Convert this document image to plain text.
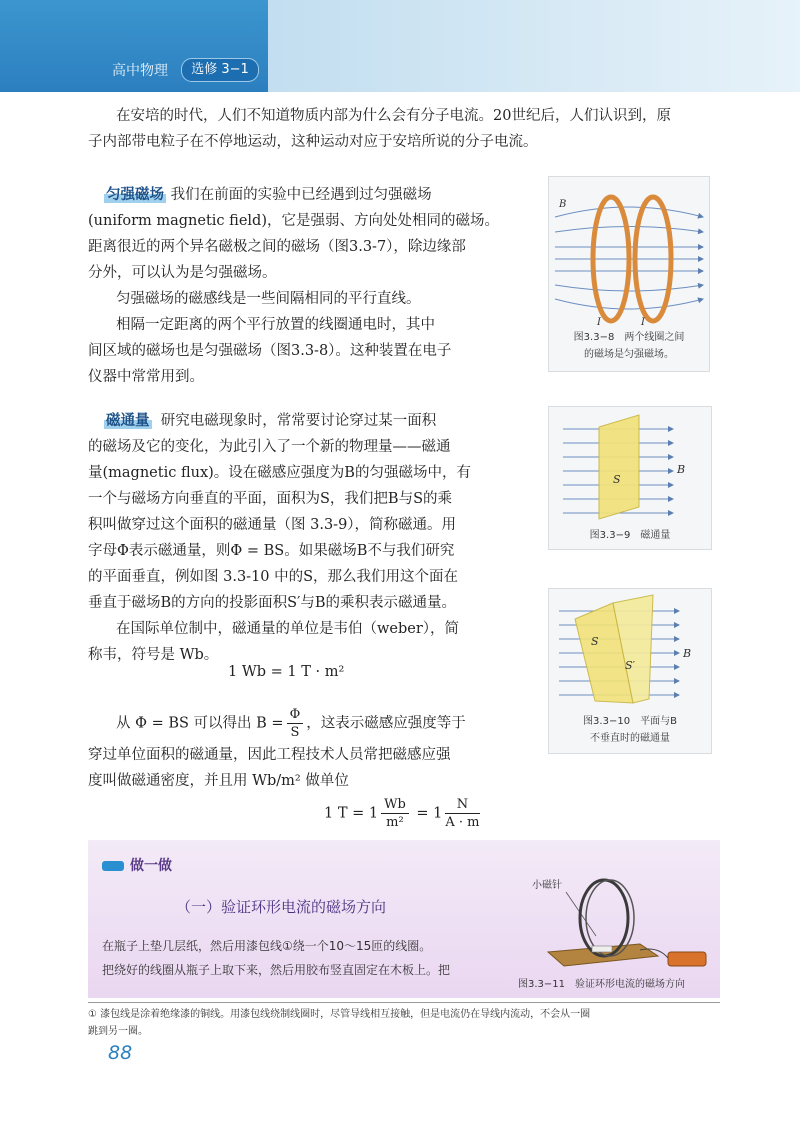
高中物理	选修 3−1

在安培的时代，人们不知道物质内部为什么会有分子电流。20世纪后，人们认识到，原

子内部带电粒子在不停地运动，这种运动对应于安培所说的分子电流。

匀强磁场 我们在前面的实验中已经遇到过匀强磁场

(uniform magnetic field)，它是强弱、方向处处相同的磁场。

距离很近的两个异名磁极之间的磁场（图3.3-7），除边缘部

分外，可以认为是匀强磁场。

匀强磁场的磁感线是一些间隔相同的平行直线。

相隔一定距离的两个平行放置的线圈通电时，其中

间区域的磁场也是匀强磁场（图3.3-8）。这种装置在电子

仪器中常常用到。

B
I	I
图3.3−8　两个线圈之间
的磁场是匀强磁场。

磁通量 研究电磁现象时，常常要讨论穿过某一面积

的磁场及它的变化，为此引入了一个新的物理量——磁通

量(magnetic flux)。设在磁感应强度为B的匀强磁场中，有

一个与磁场方向垂直的平面，面积为S，我们把B与S的乘

积叫做穿过这个面积的磁通量（图 3.3-9），简称磁通。用

字母Φ表示磁通量，则Φ = BS。如果磁场B不与我们研究

的平面垂直，例如图 3.3-10 中的S，那么我们用这个面在

垂直于磁场B的方向的投影面积S′与B的乘积表示磁通量。

在国际单位制中，磁通量的单位是韦伯（weber），简

称韦，符号是 Wb。

1 Wb = 1 T · m²

从 Φ = BS 可以得出 $B = \frac{\Phi}{S}$ ，这表示磁感应强度等于

穿过单位面积的磁通量，因此工程技术人员常把磁感应强

度叫做磁通密度，并且用 Wb/m² 做单位

1 $T = 1 \frac{Wb}{\text{m²}} = 1 \frac{N}{A \cdot m}$
S
B
图3.3−9　磁通量
S
S′
B
图3.3−10　平面与B
不垂直时的磁通量
做一做
（一）验证环形电流的磁场方向
在瓶子上垫几层纸，然后用漆包线①绕一个10～15匝的线圈。
把绕好的线圈从瓶子上取下来，然后用胶布竖直固定在木板上。把
小磁针
图3.3−11　验证环形电流的磁场方向
① 漆包线是涂着绝缘漆的铜线。用漆包线绕制线圈时，尽管导线相互接触，但是电流仍在导线内流动，不会从一圈
跳到另一圈。
88
